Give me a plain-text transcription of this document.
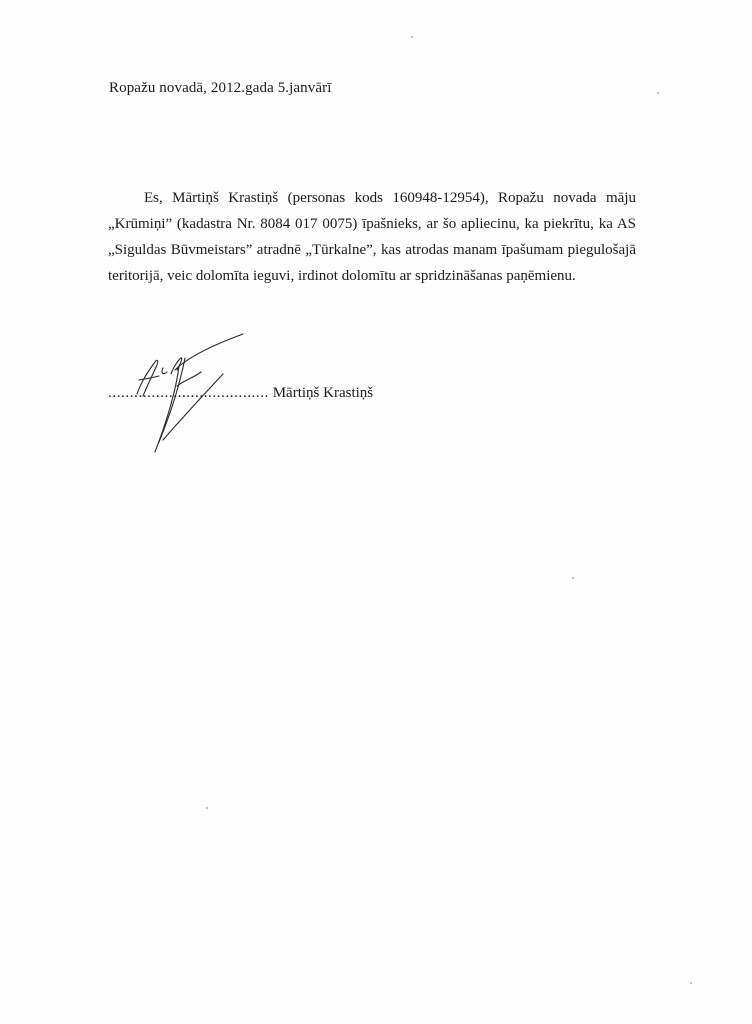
Ropažu novadā, 2012.gada 5.janvārī

Es, Mārtiņš Krastiņš (personas kods 160948-12954), Ropažu novada māju „Krūmiņi” (kadastra Nr. 8084 017 0075) īpašnieks, ar šo apliecinu, ka piekrītu, ka AS „Siguldas Būvmeistars” atradnē „Tūrkalne”, kas atrodas manam īpašumam piegulošajā teritorijā, veic dolomīta ieguvi, irdinot dolomītu ar spridzināšanas paņēmienu.

..................................... Mārtiņš Krastiņš
